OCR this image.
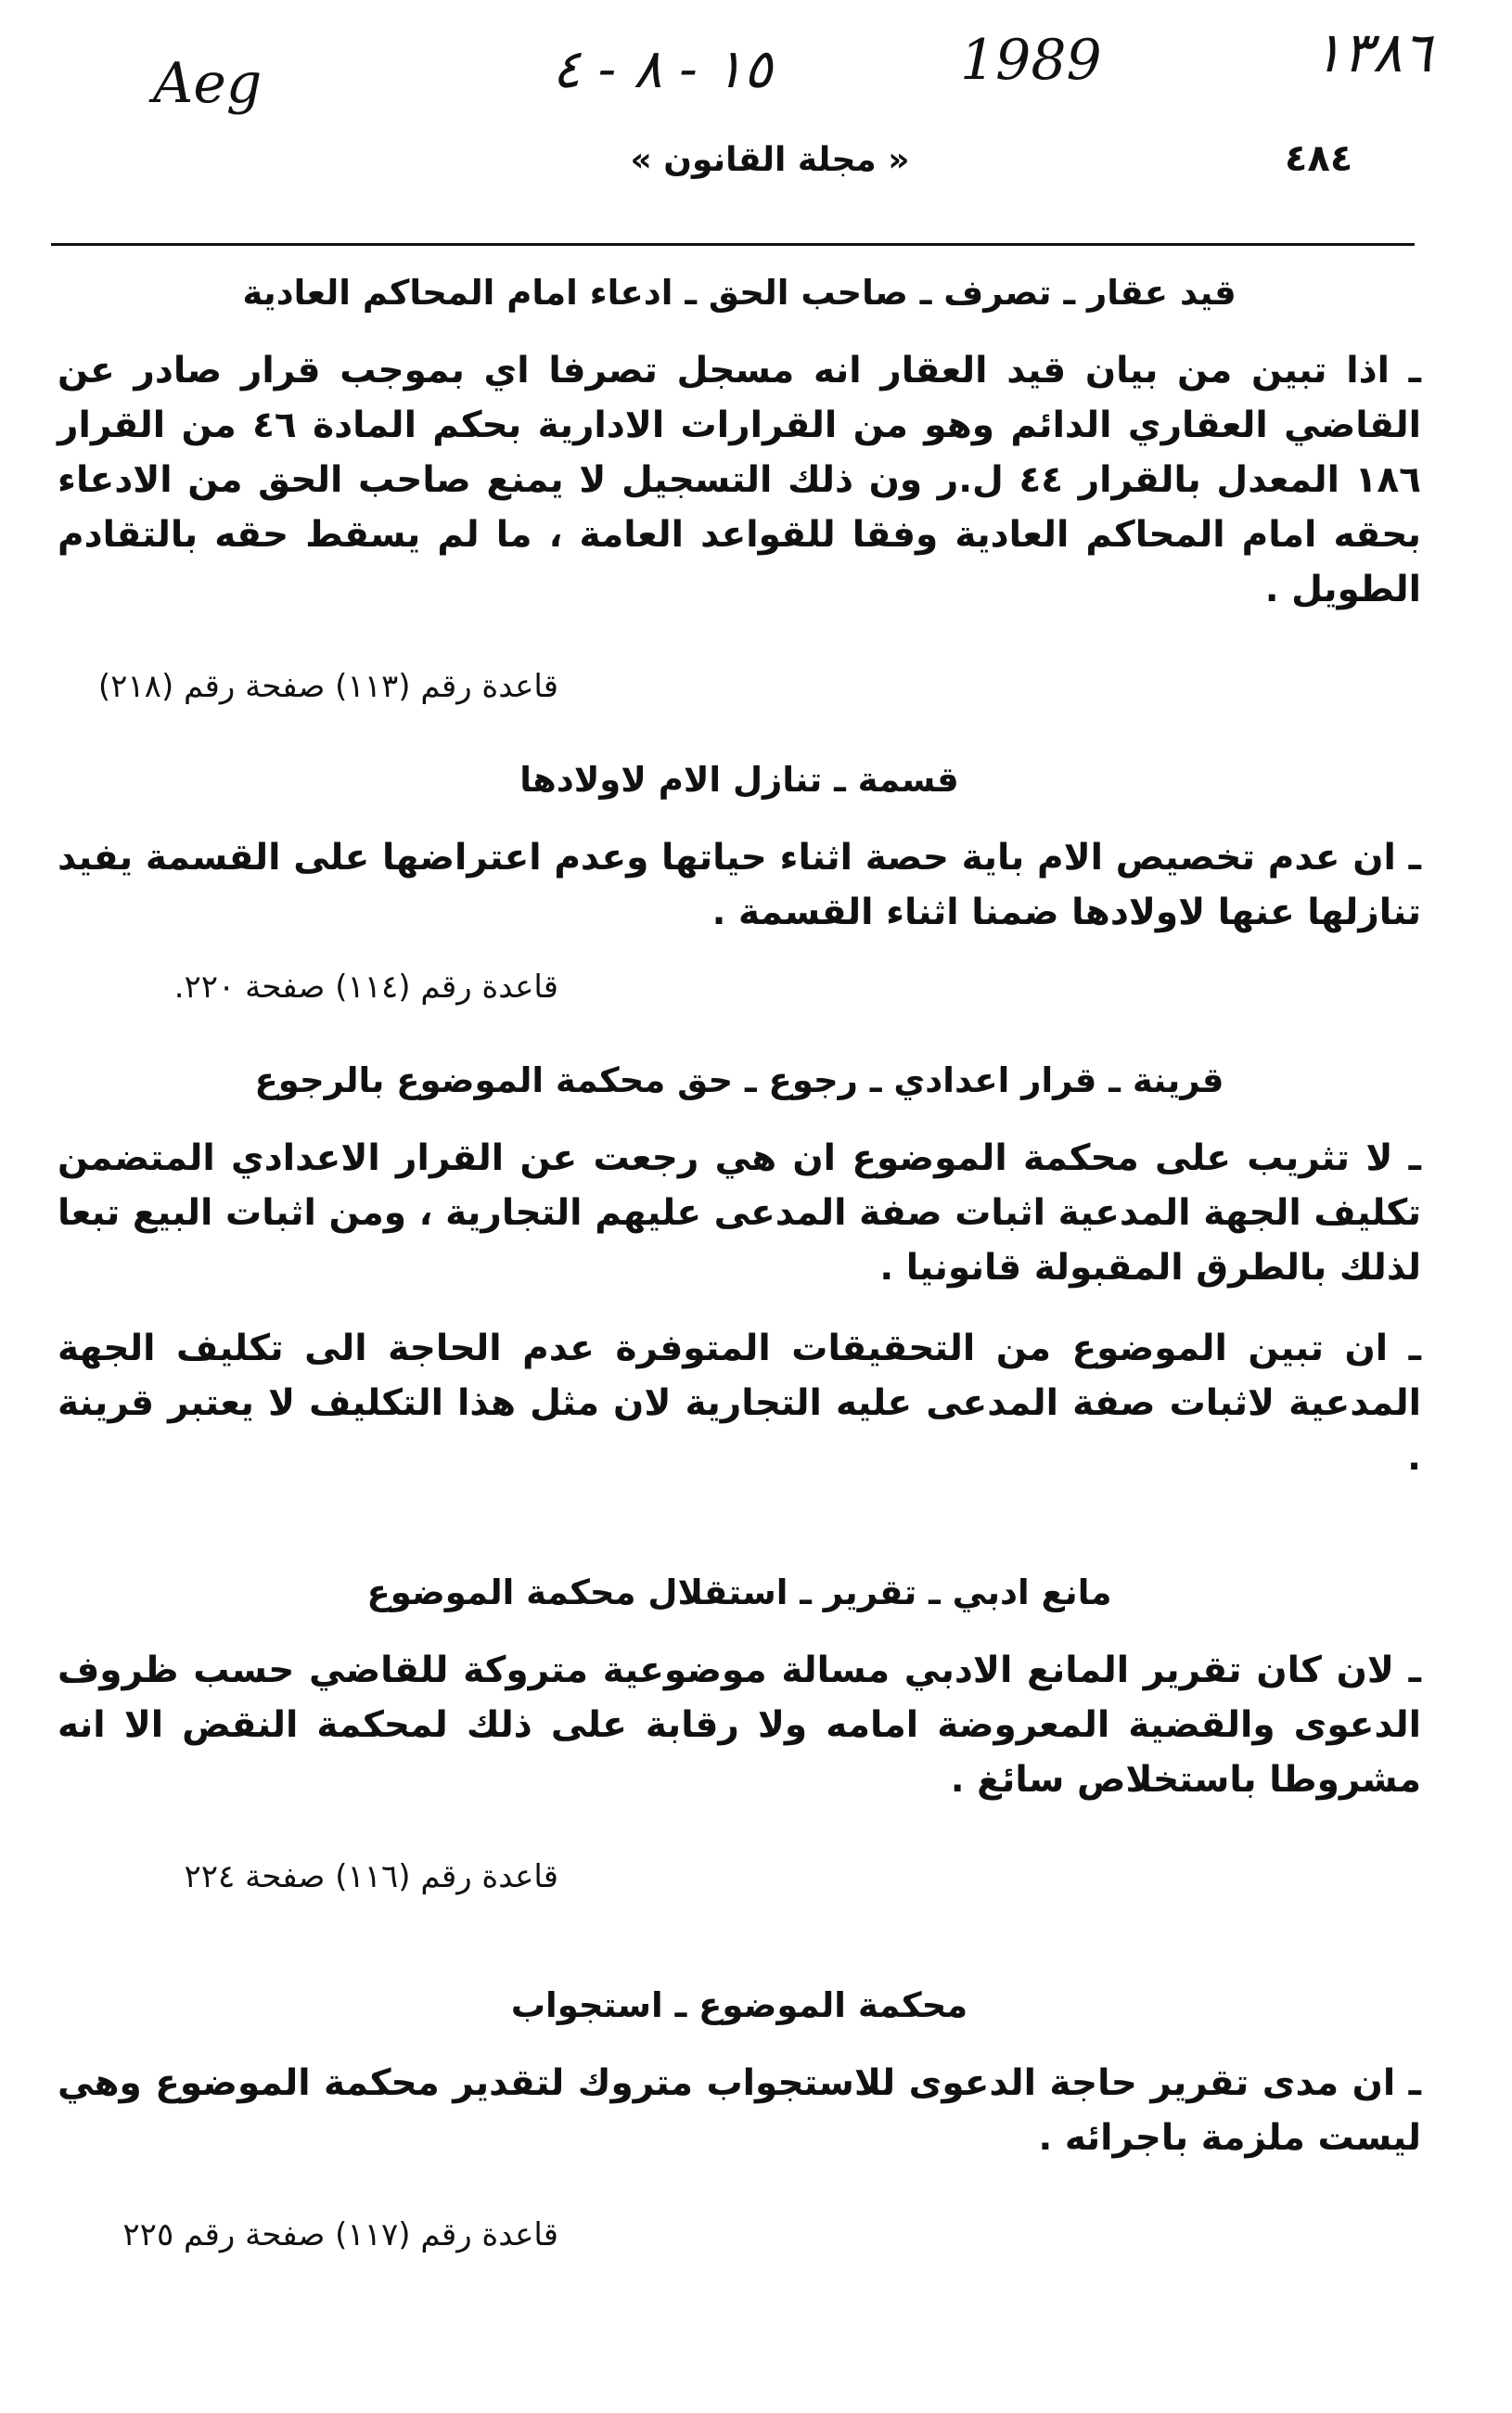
Aeg	١٥ - ٨ - ٤	1989	١٣٨٦
٤٨٤
« مجلة القانون »
قيد عقار ـ تصرف ـ صاحب الحق ـ ادعاء امام المحاكم العادية

ـ اذا تبين من بيان قيد العقار انه مسجل تصرفا اي بموجب قرار صادر عن القاضي العقاري الدائم وهو من القرارات الادارية بحكم المادة ٤٦ من القرار ١٨٦ المعدل بالقرار ٤٤ ل.ر ون ذلك التسجيل لا يمنع صاحب الحق من الادعاء بحقه امام المحاكم العادية وفقا للقواعد العامة ، ما لم يسقط حقه بالتقادم الطويل .

قاعدة رقم (١١٣) صفحة رقم (٢١٨)

قسمة ـ تنازل الام لاولادها

ـ ان عدم تخصيص الام باية حصة اثناء حياتها وعدم اعتراضها على القسمة يفيد تنازلها عنها لاولادها ضمنا اثناء القسمة .

قاعدة رقم (١١٤) صفحة ٢٢٠.

قرينة ـ قرار اعدادي ـ رجوع ـ حق محكمة الموضوع بالرجوع

ـ لا تثريب على محكمة الموضوع ان هي رجعت عن القرار الاعدادي المتضمن تكليف الجهة المدعية اثبات صفة المدعى عليهم التجارية ، ومن اثبات البيع تبعا لذلك بالطرق المقبولة قانونيا .

ـ ان تبين الموضوع من التحقيقات المتوفرة عدم الحاجة الى تكليف الجهة المدعية لاثبات صفة المدعى عليه التجارية لان مثل هذا التكليف لا يعتبر قرينة .

مانع ادبي ـ تقرير ـ استقلال محكمة الموضوع

ـ لان كان تقرير المانع الادبي مسالة موضوعية متروكة للقاضي حسب ظروف الدعوى والقضية المعروضة امامه ولا رقابة على ذلك لمحكمة النقض الا انه مشروطا باستخلاص سائغ .

قاعدة رقم (١١٦) صفحة ٢٢٤

محكمة الموضوع ـ استجواب

ـ ان مدى تقرير حاجة الدعوى للاستجواب متروك لتقدير محكمة الموضوع وهي ليست ملزمة باجرائه .

قاعدة رقم (١١٧) صفحة رقم ٢٢٥
